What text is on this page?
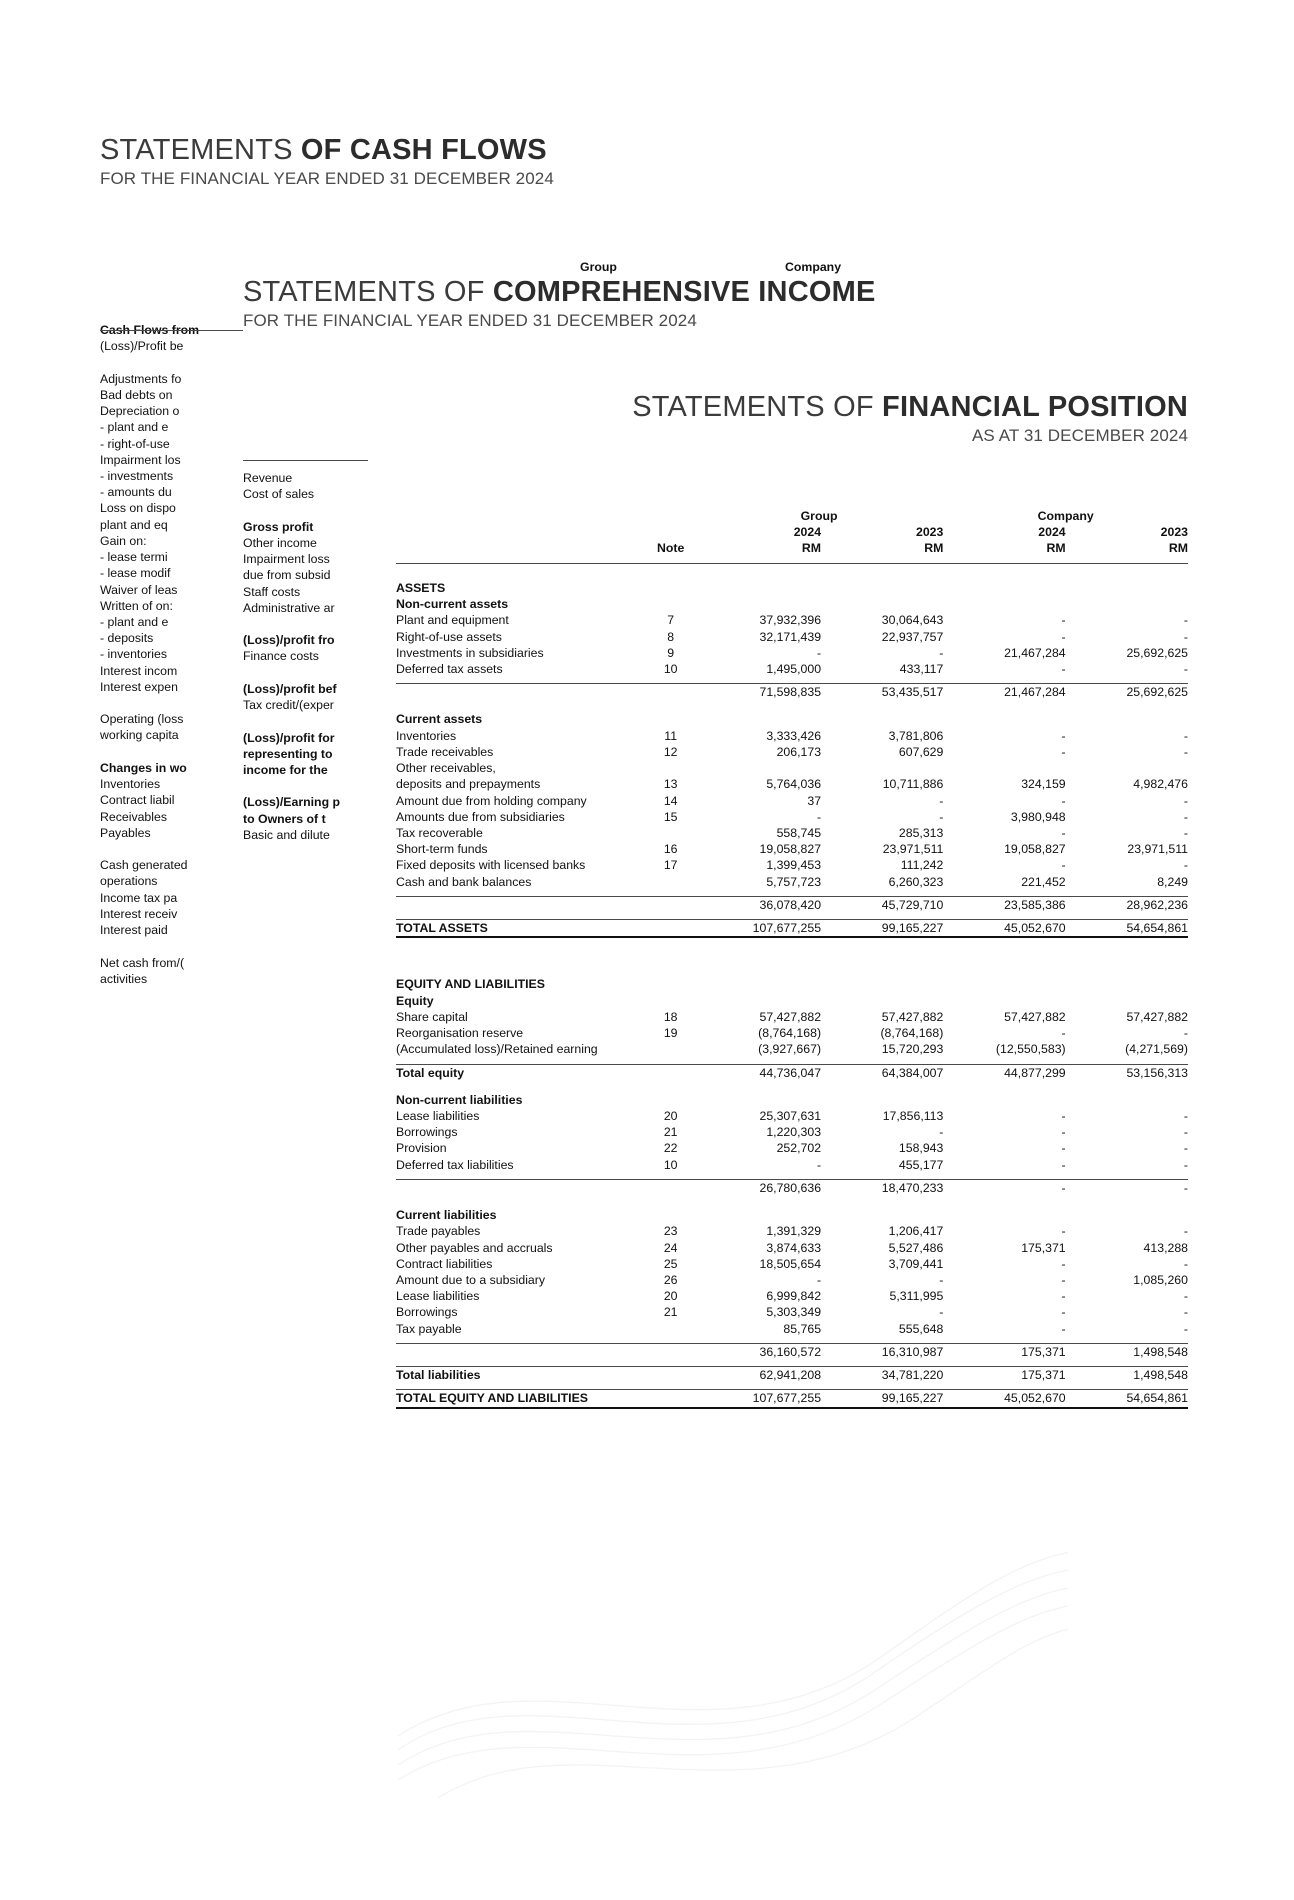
STATEMENTS OF CASH FLOWS
FOR THE FINANCIAL YEAR ENDED 31 DECEMBER 2024
Cash Flows from
(Loss)/Profit be

Adjustments fo
Bad debts on
Depreciation o
- plant and e
- right-of-use
Impairment los
- investments
- amounts du
Loss on dispo
plant and eq
Gain on:
- lease termi
- lease modif
Waiver of leas
Written of on:
- plant and e
- deposits
- inventories
Interest incom
Interest expen

Operating (loss
working capita

Changes in wo
Inventories
Contract liabil
Receivables
Payables

Cash generated
operations
Income tax pa
Interest receiv
Interest paid

Net cash from/(
activities
Group	Company
STATEMENTS OF COMPREHENSIVE INCOME
FOR THE FINANCIAL YEAR ENDED 31 DECEMBER 2024
Revenue
Cost of sales

Gross profit
Other income
Impairment loss
due from subsid
Staff costs
Administrative ar

(Loss)/profit fro
Finance costs

(Loss)/profit bef
Tax credit/(exper

(Loss)/profit for
representing to
income for the

(Loss)/Earning p
to Owners of t
Basic and dilute
STATEMENTS OF FINANCIAL POSITION
AS AT 31 DECEMBER 2024
		Group		Company	
		2024	2023	2024	2023
	Note	RM	RM	RM	RM

ASSETS					
Non-current assets					
Plant and equipment	7	37,932,396	30,064,643	-	-
Right-of-use assets	8	32,171,439	22,937,757	-	-
Investments in subsidiaries	9	-	-	21,467,284	25,692,625
Deferred tax assets	10	1,495,000	433,117	-	-

		71,598,835	53,435,517	21,467,284	25,692,625

Current assets					
Inventories	11	3,333,426	3,781,806	-	-
Trade receivables	12	206,173	607,629	-	-
Other receivables,					
deposits and prepayments	13	5,764,036	10,711,886	324,159	4,982,476
Amount due from holding company	14	37	-	-	-
Amounts due from subsidiaries	15	-	-	3,980,948	-
Tax recoverable		558,745	285,313	-	-
Short-term funds	16	19,058,827	23,971,511	19,058,827	23,971,511
Fixed deposits with licensed banks	17	1,399,453	111,242	-	-
Cash and bank balances		5,757,723	6,260,323	221,452	8,249

		36,078,420	45,729,710	23,585,386	28,962,236

TOTAL ASSETS		107,677,255	99,165,227	45,052,670	54,654,861

EQUITY AND LIABILITIES					
Equity					
Share capital	18	57,427,882	57,427,882	57,427,882	57,427,882
Reorganisation reserve	19	(8,764,168)	(8,764,168)	-	-
(Accumulated loss)/Retained earning		(3,927,667)	15,720,293	(12,550,583)	(4,271,569)

Total equity		44,736,047	64,384,007	44,877,299	53,156,313

Non-current liabilities					
Lease liabilities	20	25,307,631	17,856,113	-	-
Borrowings	21	1,220,303	-	-	-
Provision	22	252,702	158,943	-	-
Deferred tax liabilities	10	-	455,177	-	-

		26,780,636	18,470,233	-	-

Current liabilities					
Trade payables	23	1,391,329	1,206,417	-	-
Other payables and accruals	24	3,874,633	5,527,486	175,371	413,288
Contract liabilities	25	18,505,654	3,709,441	-	-
Amount due to a subsidiary	26	-	-	-	1,085,260
Lease liabilities	20	6,999,842	5,311,995	-	-
Borrowings	21	5,303,349	-	-	-
Tax payable		85,765	555,648	-	-

		36,160,572	16,310,987	175,371	1,498,548

Total liabilities		62,941,208	34,781,220	175,371	1,498,548

TOTAL EQUITY AND LIABILITIES		107,677,255	99,165,227	45,052,670	54,654,861
